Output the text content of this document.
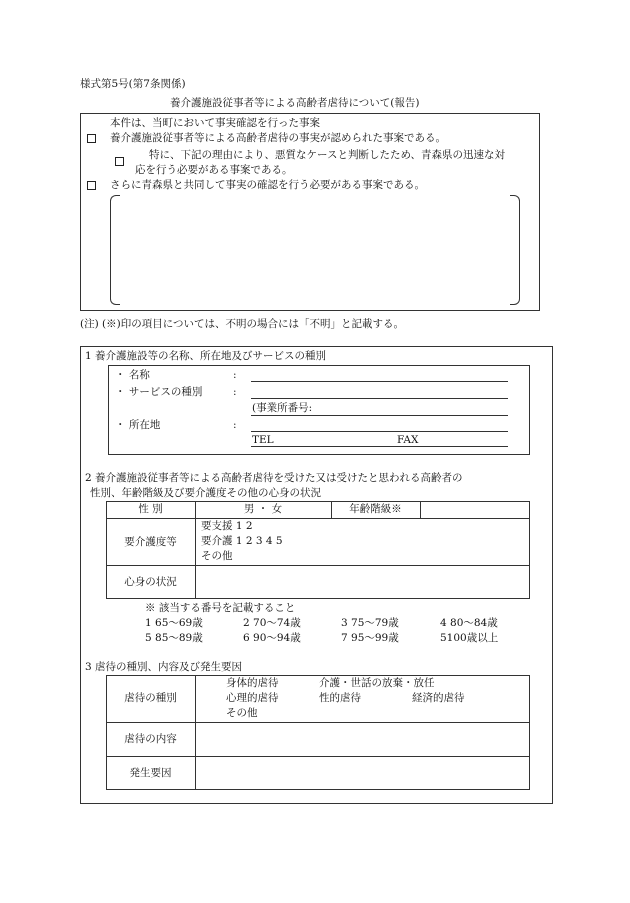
様式第5号(第7条関係)
養介護施設従事者等による高齢者虐待について(報告)
本件は、当町において事実確認を行った事案
養介護施設従事者等による高齢者虐待の事実が認められた事案である。
特に、下記の理由により、悪質なケースと判断したため、青森県の迅速な対
応を行う必要がある事案である。
さらに青森県と共同して事実の確認を行う必要がある事案である。
(注) (※)印の項目については、不明の場合には「不明」と記載する。
1 養介護施設等の名称、所在地及びサービスの種別
・ 名称	:
・ サービスの種別	:
(事業所番号:
・ 所在地	:
TEL	FAX
2 養介護施設従事者等による高齢者虐待を受けた又は受けたと思われる高齢者の
性別、年齢階級及び要介護度その他の心身の状況
性 別	男 ・ 女	年齢階級※
要介護度等
要支援 1 2
要介護 1 2 3 4 5
その他
心身の状況
※ 該当する番号を記載すること
1 65～69歳	2 70～74歳	3 75～79歳	4 80～84歳
5 85～89歳	6 90～94歳	7 95～99歳	5100歳以上
3 虐待の種別、内容及び発生要因
虐待の種別
身体的虐待	介護・世話の放棄・放任
心理的虐待	性的虐待	経済的虐待
その他
虐待の内容
発生要因
